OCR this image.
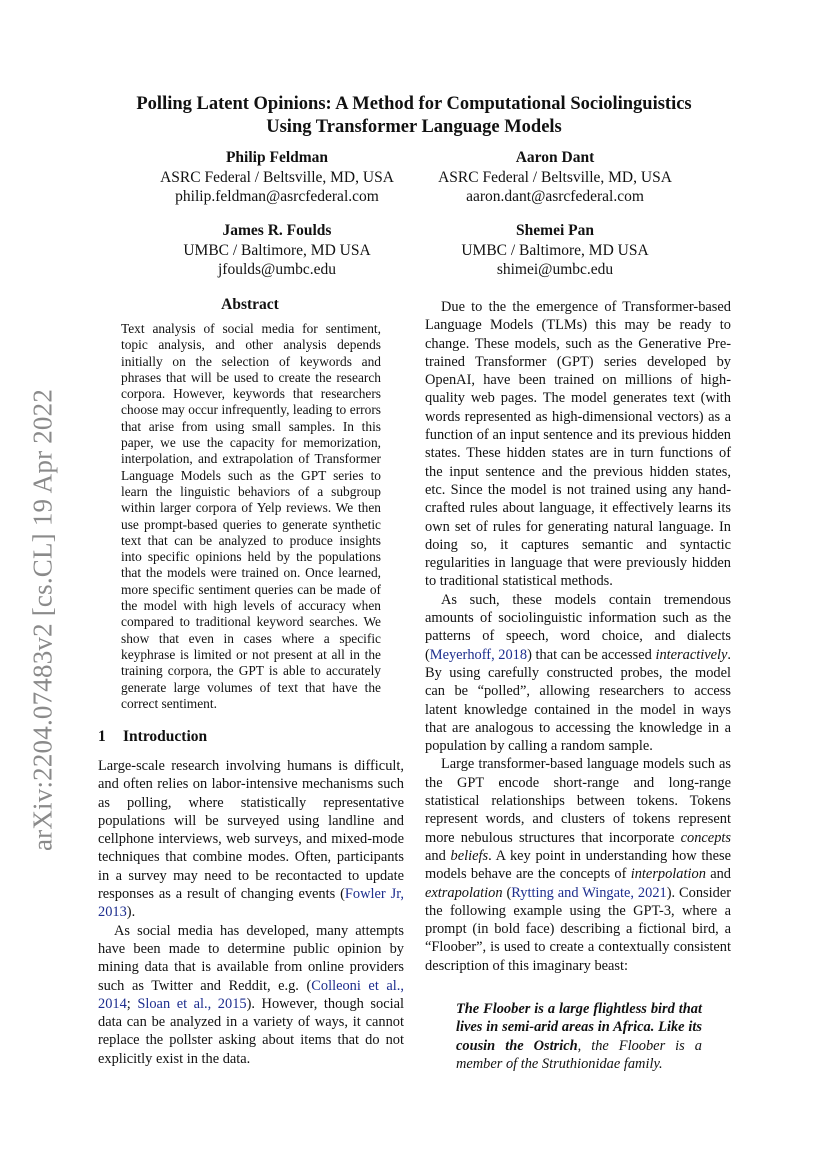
arXiv:2204.07483v2 [cs.CL] 19 Apr 2022
Polling Latent Opinions: A Method for Computational Sociolinguistics
Using Transformer Language Models
Philip Feldman
ASRC Federal / Beltsville, MD, USA
philip.feldman@asrcfederal.com
Aaron Dant
ASRC Federal / Beltsville, MD, USA
aaron.dant@asrcfederal.com
James R. Foulds
UMBC / Baltimore, MD USA
jfoulds@umbc.edu
Shemei Pan
UMBC / Baltimore, MD USA
shimei@umbc.edu
Abstract
Text analysis of social media for sentiment, topic analysis, and other analysis depends initially on the selection of keywords and phrases that will be used to create the research corpora. However, keywords that researchers choose may occur infrequently, leading to errors that arise from using small samples. In this paper, we use the capacity for memorization, interpolation, and extrapolation of Transformer Language Models such as the GPT series to learn the linguistic behaviors of a subgroup within larger corpora of Yelp reviews. We then use prompt-based queries to generate synthetic text that can be analyzed to produce insights into specific opinions held by the populations that the models were trained on. Once learned, more specific sentiment queries can be made of the model with high levels of accuracy when compared to traditional keyword searches. We show that even in cases where a specific keyphrase is limited or not present at all in the training corpora, the GPT is able to accurately generate large volumes of text that have the correct sentiment.
1 Introduction

Large-scale research involving humans is difficult, and often relies on labor-intensive mechanisms such as polling, where statistically representative populations will be surveyed using landline and cellphone interviews, web surveys, and mixed-mode techniques that combine modes. Often, participants in a survey may need to be recontacted to update responses as a result of changing events (Fowler Jr, 2013).

As social media has developed, many attempts have been made to determine public opinion by mining data that is available from online providers such as Twitter and Reddit, e.g. (Colleoni et al., 2014; Sloan et al., 2015). However, though social data can be analyzed in a variety of ways, it cannot replace the pollster asking about items that do not explicitly exist in the data.

Due to the the emergence of Transformer-based Language Models (TLMs) this may be ready to change. These models, such as the Generative Pre-trained Transformer (GPT) series developed by OpenAI, have been trained on millions of high-quality web pages. The model generates text (with words represented as high-dimensional vectors) as a function of an input sentence and its previous hidden states. These hidden states are in turn functions of the input sentence and the previous hidden states, etc. Since the model is not trained using any hand-crafted rules about language, it effectively learns its own set of rules for generating natural language. In doing so, it captures semantic and syntactic regularities in language that were previously hidden to traditional statistical methods.

As such, these models contain tremendous amounts of sociolinguistic information such as the patterns of speech, word choice, and dialects (Meyerhoff, 2018) that can be accessed interactively. By using carefully constructed probes, the model can be “polled”, allowing researchers to access latent knowledge contained in the model in ways that are analogous to accessing the knowledge in a population by calling a random sample.

Large transformer-based language models such as the GPT encode short-range and long-range statistical relationships between tokens. Tokens represent words, and clusters of tokens represent more nebulous structures that incorporate concepts and beliefs. A key point in understanding how these models behave are the concepts of interpolation and extrapolation (Rytting and Wingate, 2021). Consider the following example using the GPT-3, where a prompt (in bold face) describing a fictional bird, a “Floober”, is used to create a contextually consistent description of this imaginary beast:

The Floober is a large flightless bird that lives in semi-arid areas in Africa. Like its cousin the Ostrich, the Floober is a member of the Struthionidae family.
